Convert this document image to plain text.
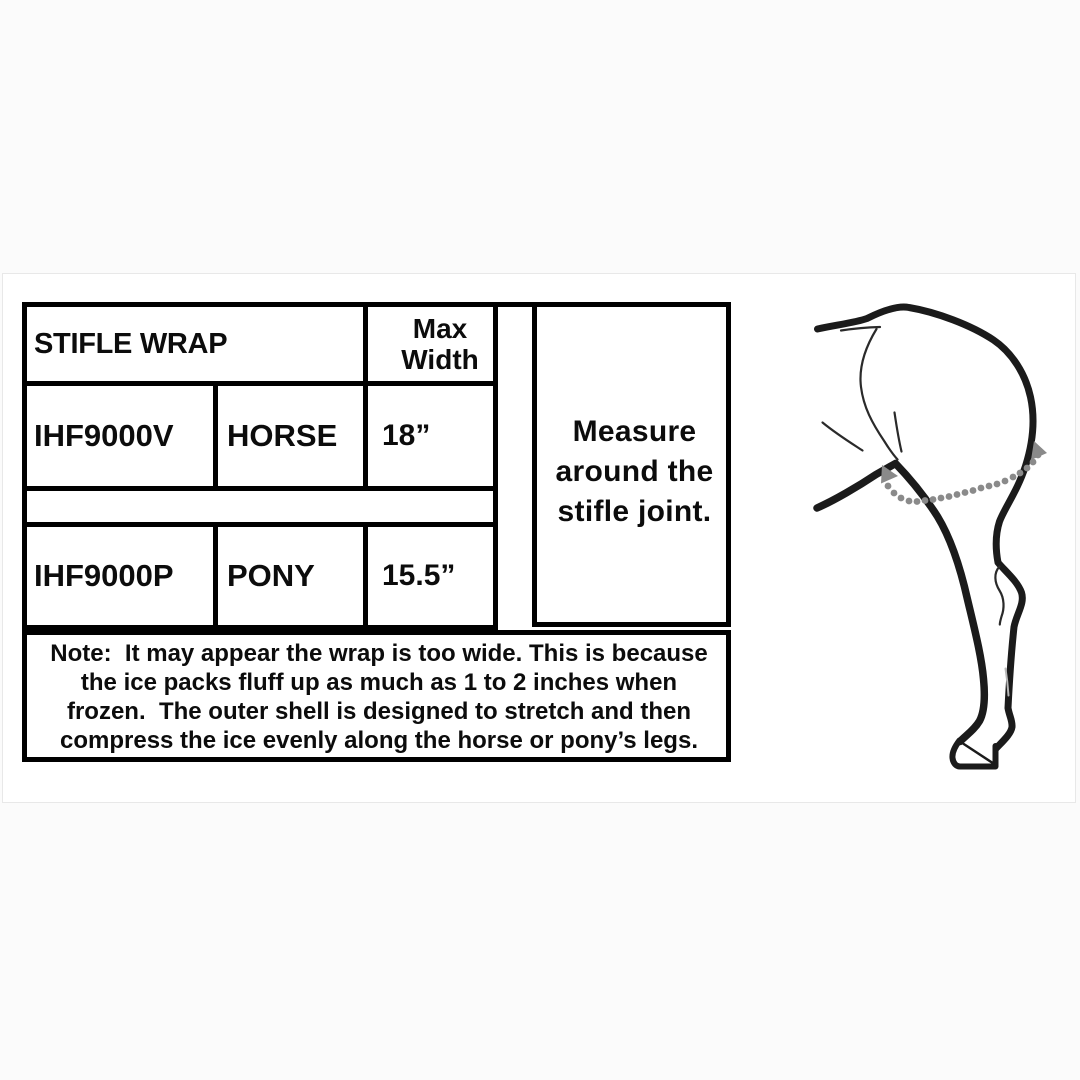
STIFLE WRAP	Max
Width
IHF9000V HORSE 18”
IHF9000P PONY 15.5”
Measure
around the
stifle joint.
Note:  It may appear the wrap is too wide. This is because
the ice packs fluff up as much as 1 to 2 inches when
frozen.  The outer shell is designed to stretch and then
compress the ice evenly along the horse or pony’s legs.
